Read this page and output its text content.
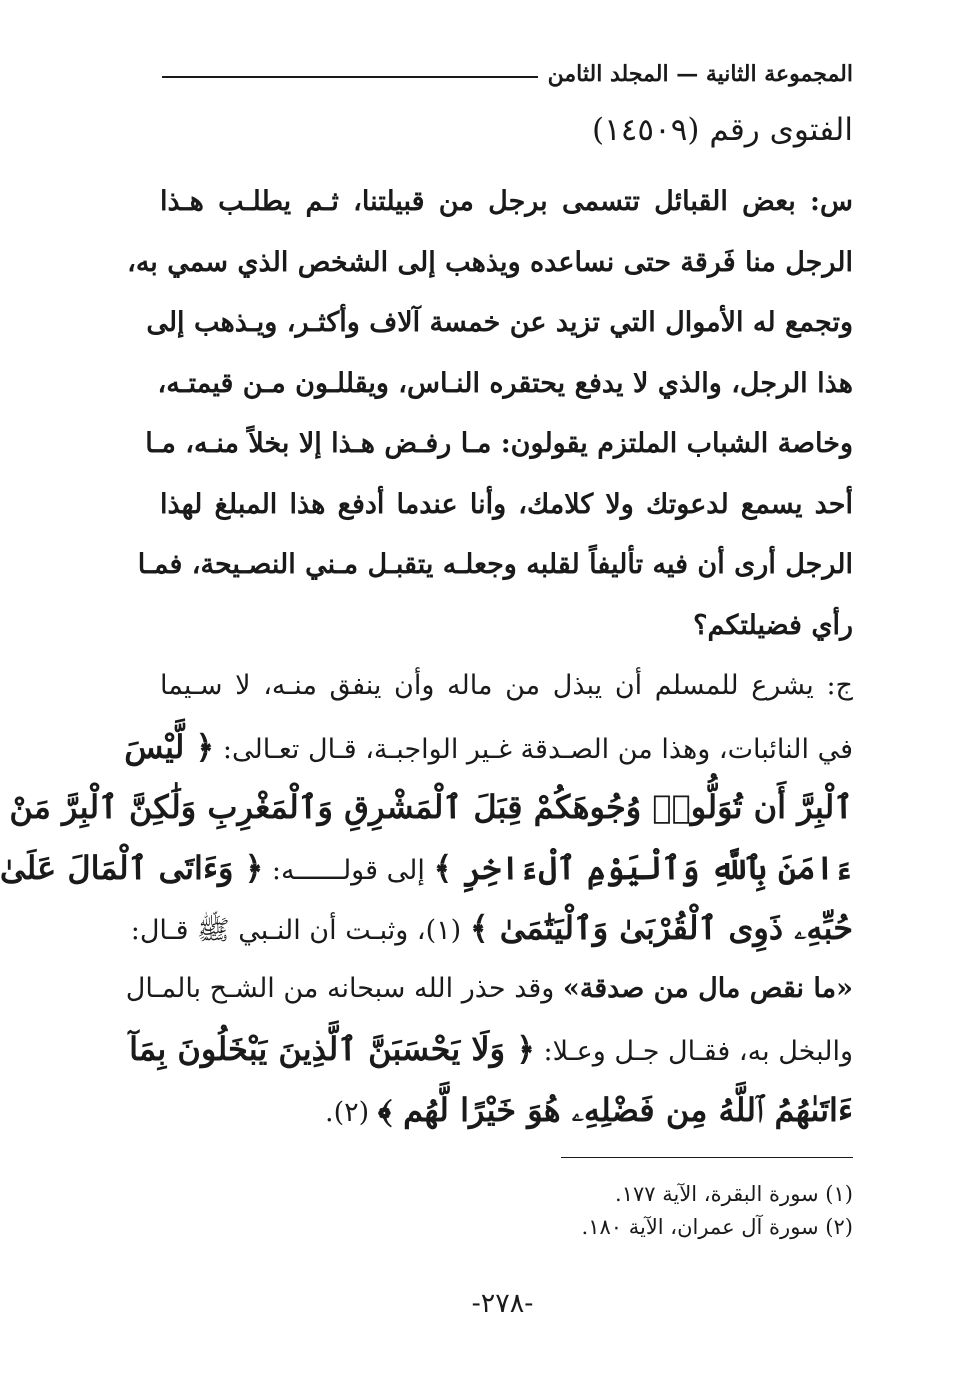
المجموعة الثانية — المجلد الثامن
الفتوى رقم (١٤٥٠٩)
س: بعض القبائل تتسمى برجل من قبيلتنا، ثـم يطلـب هـذا
الرجل منا فَرقة حتى نساعده ويذهب إلى الشخص الذي سمي به،
وتجمع له الأموال التي تزيد عن خمسة آلاف وأكثـر، ويـذهب إلى
هذا الرجل، والذي لا يدفع يحتقره النـاس، ويقللـون مـن قيمتـه،
وخاصة الشباب الملتزم يقولون: مـا رفـض هـذا إلا بخلاً منـه، مـا
أحد يسمع لدعوتك ولا كلامك، وأنا عندما أدفع هذا المبلغ لهذا
الرجل أرى أن فيه تأليفاً لقلبه وجعلـه يتقبـل مـني النصـيحة، فمـا
رأي فضيلتكم؟
ج: يشرع للمسلم أن يبذل من ماله وأن ينفق منـه، لا سـيما
في النائبات، وهذا من الصـدقة غـير الواجبـة، قـال تعـالى: ﴿ لَّيْسَ
ٱلْبِرَّ أَن تُوَلُّوا۟ وُجُوهَكُمْ قِبَلَ ٱلْمَشْرِقِ وَٱلْمَغْرِبِ وَلَٰكِنَّ ٱلْبِرَّ مَنْ
ءَامَنَ بِٱللَّهِ وَٱلْيَوْمِ ٱلْءَاخِرِ ﴾ إلى قولــــــه: ﴿ وَءَاتَى ٱلْمَالَ عَلَىٰ
حُبِّهِۦ ذَوِى ٱلْقُرْبَىٰ وَٱلْيَتَٰمَىٰ ﴾ (١)، وثبـت أن النـبي ﷺ قـال:
«ما نقص مال من صدقة» وقد حذر الله سبحانه من الشـح بالمـال
والبخل به، فقـال جـل وعـلا: ﴿ وَلَا يَحْسَبَنَّ ٱلَّذِينَ يَبْخَلُونَ بِمَآ
ءَاتَىٰهُمُ ٱللَّهُ مِن فَضْلِهِۦ هُوَ خَيْرًا لَّهُم ﴾ (٢).
(١) سورة البقرة، الآية ١٧٧.
(٢) سورة آل عمران، الآية ١٨٠.
-٢٧٨-
